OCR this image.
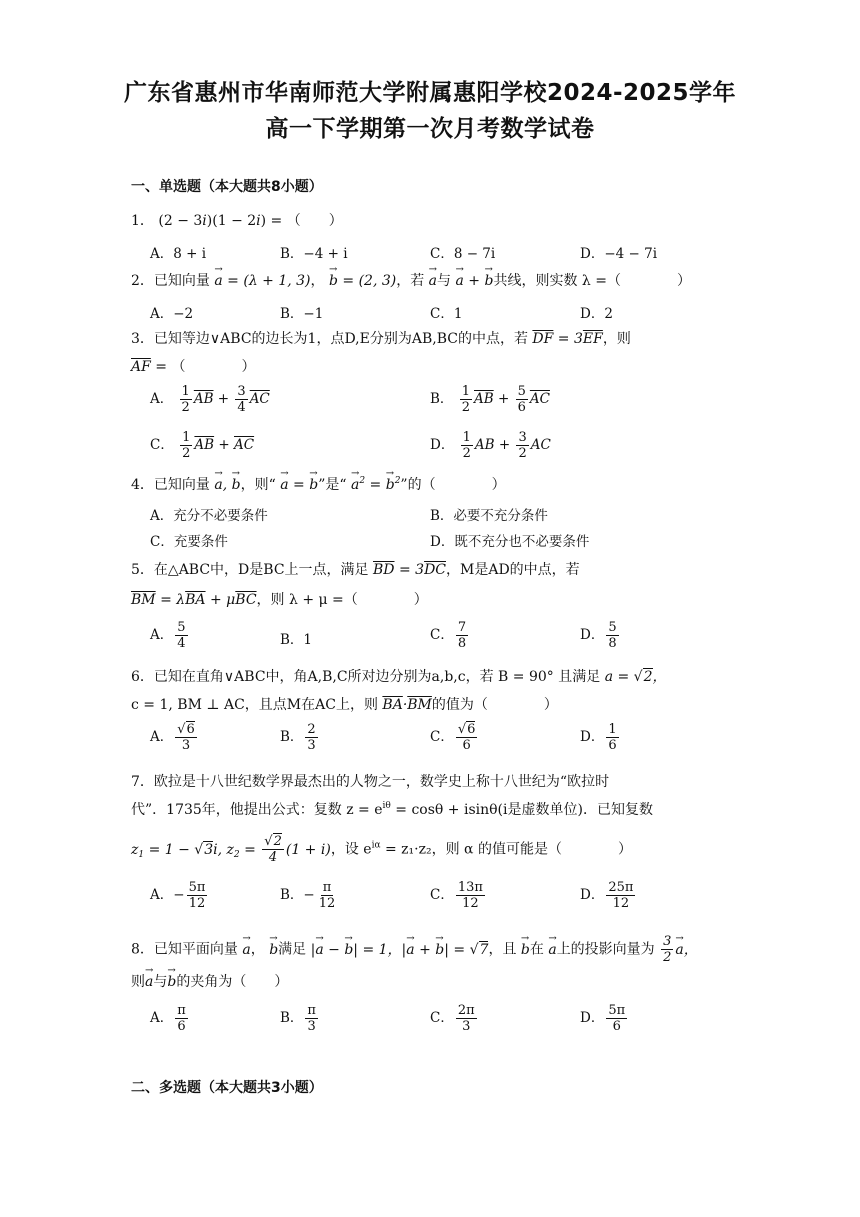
广东省惠州市华南师范大学附属惠阳学校2024-2025学年
高一下学期第一次月考数学试卷
一、单选题（本大题共8小题）
1． (2 − 3i)(1 − 2i) = （　　）
A．8 + i	B．−4 + i	C．8 − 7i	D．−4 − 7i
2．已知向量 → a = (λ + 1, 3)， → b = (2, 3)，若 → a与 → a + → b共线，则实数 λ =（　　　　）
A．−2	B．−1	C．1	D．2
3．已知等边∨ABC的边长为1，点D,E分别为AB,BC的中点，若 $\overline{DF} = 3\overline{EF}$，则
$\overline{AF}$ = （　　　　）
A． $\frac{1}{2} \overline{AB} + \frac{3}{4} \overline{AC}$	B． $\frac{1}{2} \overline{AB} + \frac{5}{6} \overline{AC}$
C． $\frac{1}{2} \overline{AB} + \overline{AC}$	D． $\frac{1}{2}$ AB + $\frac{3}{2}$ AC
4．已知向量 → a, → b，则“ → a = → b”是“ → $a^2$ = → $b^2$”的（　　　　）
A．充分不必要条件	B．必要不充分条件
C．充要条件	D．既不充分也不必要条件
5．在△ABC中，D是BC上一点，满足 $\overline{BD} = 3\overline{DC}$，M是AD的中点，若
$\overline{BM} = \lambda\overline{BA} + \mu\overline{BC}$，则 λ + μ =（　　　　）
A． $\frac{5}{4}$	B．1	C． $\frac{7}{8}$	D． $\frac{5}{8}$
6．已知在直角∨ABC中，角A,B,C所对边分别为a,b,c，若 B = 90° 且满足 a = √2，
c = 1, BM ⊥ AC，且点M在AC上，则 $\overline{BA}\cdot\overline{BM}$的值为（　　　　）
A． $\frac{√6}{3}$	B． $\frac{2}{3}$	C． $\frac{√6}{6}$	D． $\frac{1}{6}$
7．欧拉是十八世纪数学界最杰出的人物之一，数学史上称十八世纪为“欧拉时
代”．1735年，他提出公式：复数 $z = e^{i\theta} = \cos\theta + isin\theta(i$是虚数单位)．已知复数
$z_1 = 1 - √3i$, $z_2 = \frac{√2}{4} (1 + i)$，设 $e^{i\alpha} = z_1\cdot z_2$，则 α 的值可能是（　　　　）
A．− $\frac{5\pi}{12}$	B．− $\frac{\pi}{12}$	C． $\frac{13\pi}{12}$	D． $\frac{25\pi}{12}$
8．已知平面向量 → a， → b满足 |→ a − → b| = 1，|→ a + → b| = √7，且 → b在 → a上的投影向量为 $\frac{3}{2} \to a$，
则→ a与→ b的夹角为（　　）
A． $\frac{\pi}{6}$	B． $\frac{\pi}{3}$	C． $\frac{2\pi}{3}$	D． $\frac{5\pi}{6}$
二、多选题（本大题共3小题）
